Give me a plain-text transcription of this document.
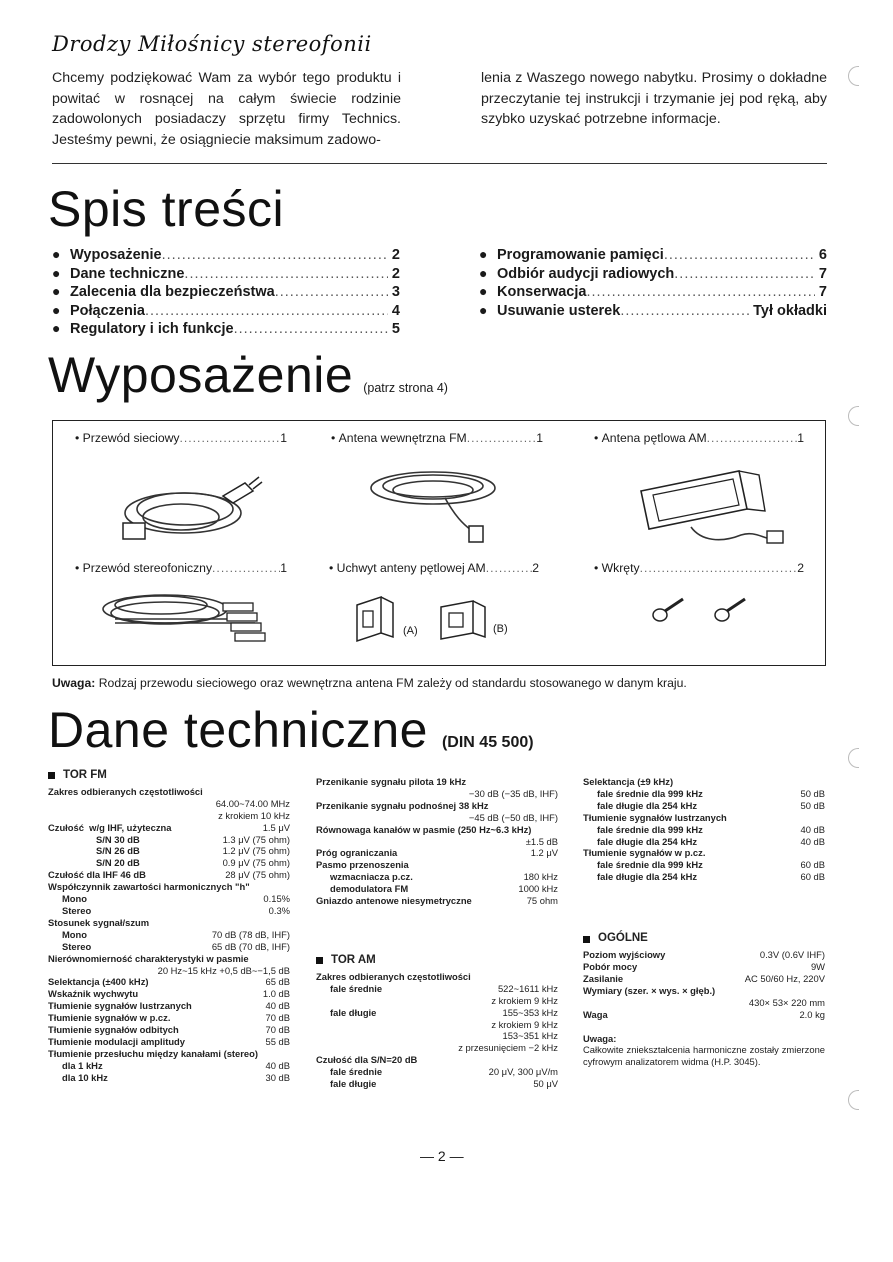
Drodzy Miłośnicy stereofonii
Chcemy podziękować Wam za wybór tego produktu i powitać w rosnącej na całym świecie rodzinie zadowolonych posiadaczy sprzętu firmy Technics. Jesteśmy pewni, że osiągniecie maksimum zadowo-
lenia z Waszego nowego nabytku. Prosimy o dokładne przeczytanie tej instrukcji i trzymanie jej pod ręką, aby szybko uzyskać potrzebne informacje.
Spis treści
● Wyposażenie .....	2
● Dane techniczne .....	2
● Zalecenia dla bezpieczeństwa .....	3
● Połączenia .....	4
● Regulatory i ich funkcje .....	5
● Programowanie pamięci .....	6
● Odbiór audycji radiowych .....	7
● Konserwacja .....	7
● Usuwanie usterek .....	Tył okładki
Wyposażenie (patrz strona 4)
• Przewód sieciowy .....	1	• Antena wewnętrzna FM .....	1	• Antena pętlowa AM .....	1
• Przewód stereofoniczny .....	1	• Uchwyt anteny pętlowej AM .....	2	• Wkręty .....	2
(A)	(B)
Uwaga: Rodzaj przewodu sieciowego oraz wewnętrzna antena FM zależy od standardu stosowanego w danym kraju.
Dane techniczne (DIN 45 500)
TOR FM
Zakres odbieranych częstotliwości
64.00~74.00 MHz
z krokiem 10 kHz
Czułość w/g IHF, użyteczna	1.5 μV
S/N 30 dB	1.3 μV (75 ohm)
S/N 26 dB	1.2 μV (75 ohm)
S/N 20 dB	0.9 μV (75 ohm)
Czułość dla IHF 46 dB	28 μV (75 ohm)
Współczynnik zawartości harmonicznych "h"
Mono	0.15%
Stereo	0.3%
Stosunek sygnał/szum
Mono	70 dB (78 dB, IHF)
Stereo	65 dB (70 dB, IHF)
Nierównomierność charakterystyki w pasmie
20 Hz~15 kHz +0,5 dB~−1,5 dB
Selektancja (±400 kHz)	65 dB
Wskaźnik wychwytu	1.0 dB
Tłumienie sygnałów lustrzanych	40 dB
Tłumienie sygnałów w p.cz.	70 dB
Tłumienie sygnałów odbitych	70 dB
Tłumienie modulacji amplitudy	55 dB
Tłumienie przesłuchu między kanałami (stereo)
dla 1 kHz	40 dB
dla 10 kHz	30 dB
Przenikanie sygnału pilota 19 kHz
−30 dB (−35 dB, IHF)
Przenikanie sygnału podnośnej 38 kHz
−45 dB (−50 dB, IHF)
Równowaga kanałów w pasmie (250 Hz~6.3 kHz)
±1.5 dB
Próg ograniczania	1.2 μV
Pasmo przenoszenia
wzmacniacza p.cz.	180 kHz
demodulatora FM	1000 kHz
Gniazdo antenowe niesymetryczne	75 ohm
TOR AM
Zakres odbieranych częstotliwości
fale średnie	522~1611 kHz
z krokiem 9 kHz
fale długie	155~353 kHz
z krokiem 9 kHz
153~351 kHz
z przesunięciem −2 kHz
Czułość dla S/N=20 dB
fale średnie	20 μV, 300 μV/m
fale długie	50 μV
Selektancja (±9 kHz)
fale średnie dla 999 kHz	50 dB
fale długie dla 254 kHz	50 dB
Tłumienie sygnałów lustrzanych
fale średnie dla 999 kHz	40 dB
fale długie dla 254 kHz	40 dB
Tłumienie sygnałów w p.cz.
fale średnie dla 999 kHz	60 dB
fale długie dla 254 kHz	60 dB
OGÓLNE
Poziom wyjściowy	0.3V (0.6V IHF)
Pobór mocy	9W
Zasilanie	AC 50/60 Hz, 220V
Wymiary (szer. × wys. × głęb.)
430× 53× 220 mm
Waga	2.0 kg
Uwaga:
Całkowite zniekształcenia harmoniczne zostały zmierzone cyfrowym analizatorem widma (H.P. 3045).
— 2 —
